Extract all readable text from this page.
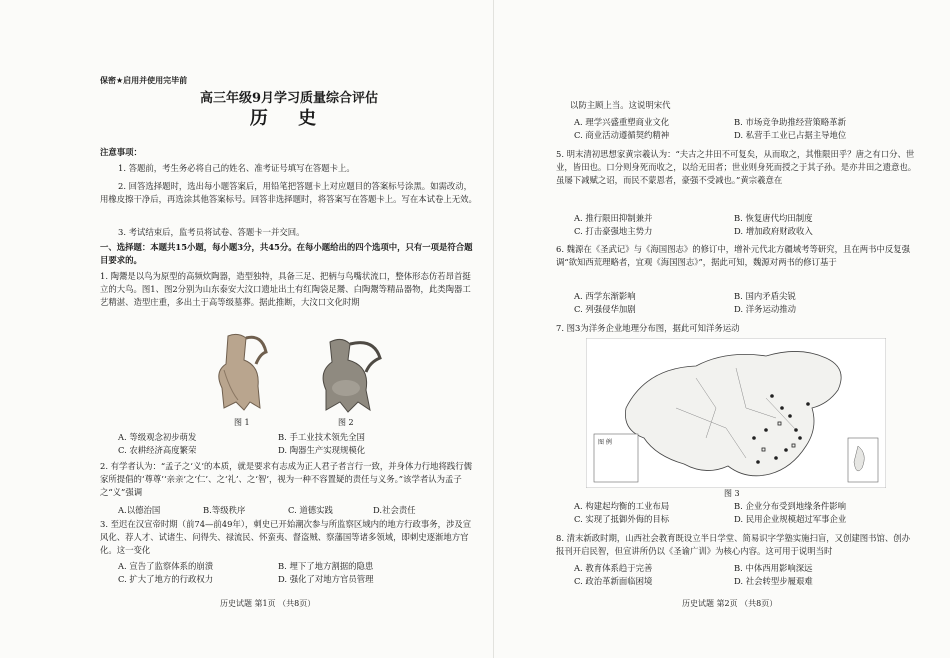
保密★启用并使用完毕前
高三年级9月学习质量综合评估
历 史
注意事项：
1. 答题前，考生务必将自己的姓名、准考证号填写在答题卡上。
2. 回答选择题时，选出每小题答案后，用铅笔把答题卡上对应题目的答案标号涂黑。如需改动，用橡皮擦干净后，再选涂其他答案标号。回答非选择题时，将答案写在答题卡上。写在本试卷上无效。
3. 考试结束后，监考员将试卷、答题卡一并交回。
一、选择题：本题共15小题，每小题3分，共45分。在每小题给出的四个选项中，只有一项是符合题目要求的。
1. 陶鬶是以鸟为原型的高频炊陶器，造型独特，具备三足、把柄与鸟嘴状流口，整体形态仿若昂首挺立的大鸟。图1、图2分别为山东泰安大汶口遗址出土有红陶袋足鬶、白陶鬶等精品器物，此类陶器工艺精湛、造型庄重，多出土于高等级墓葬。据此推断，大汶口文化时期
图 1	图 2
A. 等级观念初步萌发	B. 手工业技术领先全国
C. 农耕经济高度繁荣	D. 陶器生产实现规模化
2. 有学者认为：“孟子之‘义’的本质，就是要求有志成为正人君子者言行一致，并身体力行地将践行儒家所提倡的‘尊尊’‘亲亲’之‘仁’、之‘礼’、之‘智’，视为一种不容置疑的责任与义务。”该学者认为孟子之“义”强调
A.以德治国	B.等级秩序	C. 道德实践	D.社会责任
3. 至迟在汉宣帝时期（前74—前49年），刺史已开始潮次参与所监察区域内的地方行政事务，涉及宣风化、荐人才、试诸生、问得失、禄流民、怀蛮夷、督盗贼、察藩国等诸多领域，即刺史逐渐地方官化。这一变化
A. 宣告了监察体系的崩溃	B. 埋下了地方割据的隐患
C. 扩大了地方的行政权力	D. 强化了对地方官员管理
历史试题 第1页 （共8页）
以防主顾上当。这说明宋代
A. 理学兴盛重塑商业文化	B. 市场竞争助推经营策略革新
C. 商业活动遵循契约精神	D. 私营手工业已占据主导地位
5. 明末清初思想家黄宗羲认为：“夫古之井田不可复矣，从而取之，其惟限田乎？唐之有口分、世业，皆田也。口分则身死而收之，以给无田者；世业则身死而授之于其子孙。是亦井田之遗意也。虽屡下减赋之诏，而民不蒙恩者，豪强不受减也。”黄宗羲意在
A. 推行限田抑制兼并	B. 恢复唐代均田制度
C. 打击豪强地主势力	D. 增加政府财政收入
6. 魏源在《圣武记》与《海国图志》的修订中，增补元代北方疆域考等研究，且在两书中反复强调“欲知西荒理略者，宜观《海国图志》”，据此可知，魏源对两书的修订基于
A. 西学东渐影响	B. 国内矛盾尖锐
C. 列强侵华加剧	D. 洋务运动推动
7. 图3为洋务企业地理分布图，据此可知洋务运动
图 例
图 3
A. 构建起均衡的工业布局	B. 企业分布受到地缘条件影响
C. 实现了抵御外侮的目标	D. 民用企业规模超过军事企业
8. 清末新政时期，山西社会教育既设立半日学堂、简易识字学塾实施扫盲，又创建图书馆、创办报刊开启民智，但宣讲所仍以《圣谕广训》为核心内容。这可用于说明当时
A. 教育体系趋于完善	B. 中体西用影响深远
C. 政治革新面临困境	D. 社会转型步履艰难
历史试题 第2页 （共8页）
